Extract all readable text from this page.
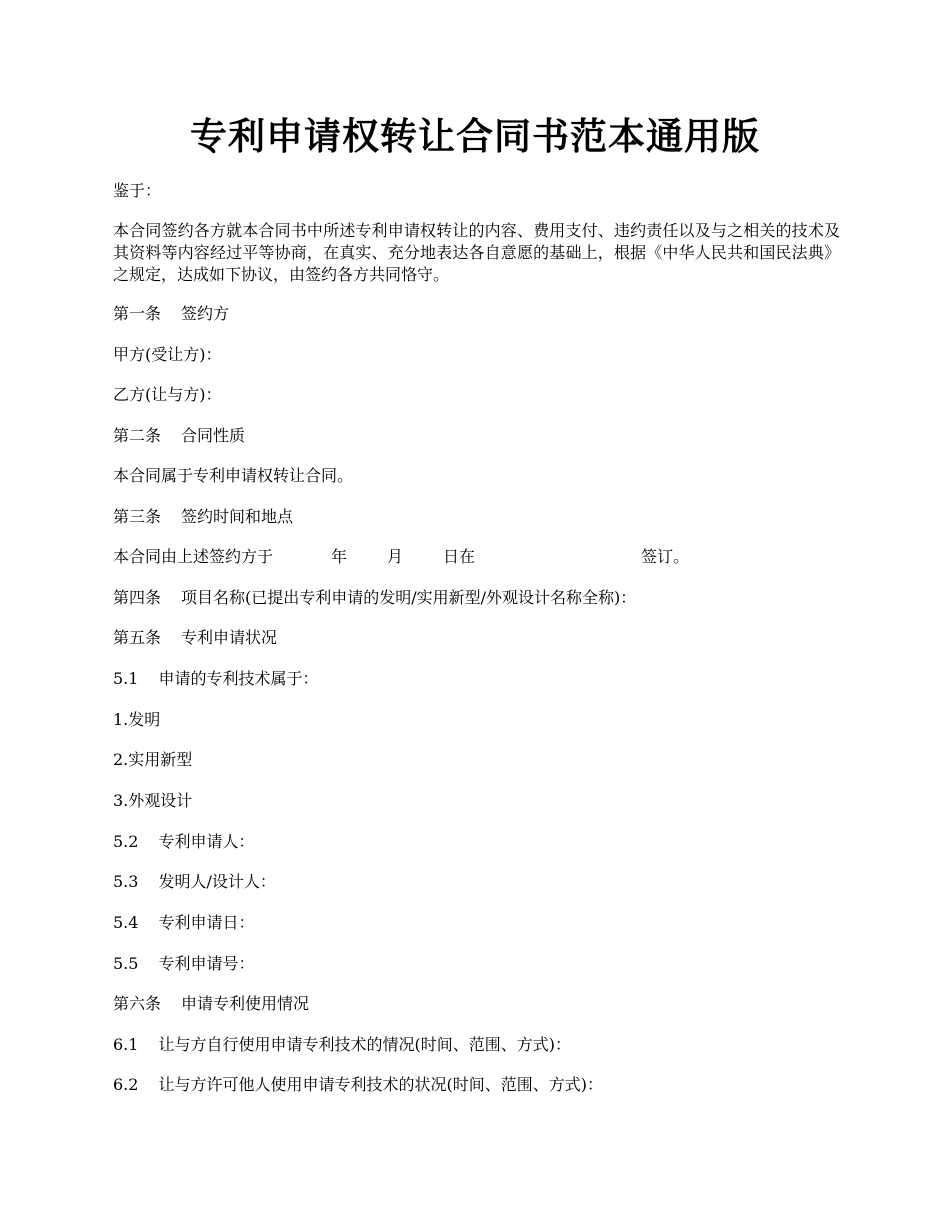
专利申请权转让合同书范本通用版

鉴于：

本合同签约各方就本合同书中所述专利申请权转让的内容、费用支付、违约责任以及与之相关的技术及其资料等内容经过平等协商，在真实、充分地表达各自意愿的基础上，根据《中华人民共和国民法典》之规定，达成如下协议，由签约各方共同恪守。

第一条 签约方

甲方(受让方)：

乙方(让与方)：

第二条 合同性质

本合同属于专利申请权转让合同。

第三条 签约时间和地点

本合同由上述签约方于	年	月	日在	签订。

第四条 项目名称(已提出专利申请的发明/实用新型/外观设计名称全称)：

第五条 专利申请状况

5.1 申请的专利技术属于：

1.发明

2.实用新型

3.外观设计

5.2 专利申请人：

5.3 发明人/设计人：

5.4 专利申请日：

5.5 专利申请号：

第六条 申请专利使用情况

6.1 让与方自行使用申请专利技术的情况(时间、范围、方式)：

6.2 让与方许可他人使用申请专利技术的状况(时间、范围、方式)：
